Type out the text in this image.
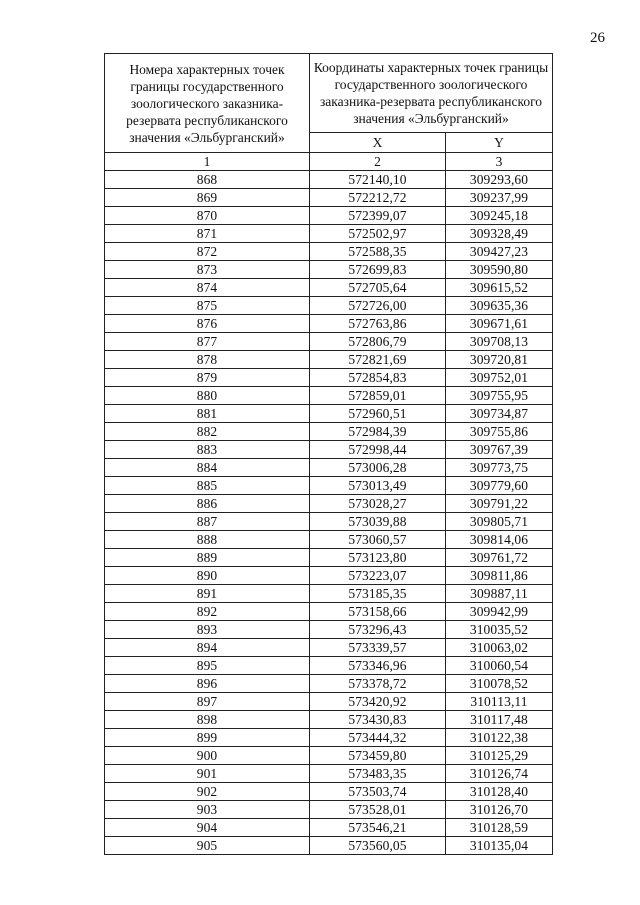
26
Номера характерных точек границы государственного зоологического заказника-резервата республиканского значения «Эльбурганский»	Координаты характерных точек границы государственного зоологического заказника-резервата республиканского значения «Эльбурганский»	
	X	Y
1	2	3
868	572140,10	309293,60
869	572212,72	309237,99
870	572399,07	309245,18
871	572502,97	309328,49
872	572588,35	309427,23
873	572699,83	309590,80
874	572705,64	309615,52
875	572726,00	309635,36
876	572763,86	309671,61
877	572806,79	309708,13
878	572821,69	309720,81
879	572854,83	309752,01
880	572859,01	309755,95
881	572960,51	309734,87
882	572984,39	309755,86
883	572998,44	309767,39
884	573006,28	309773,75
885	573013,49	309779,60
886	573028,27	309791,22
887	573039,88	309805,71
888	573060,57	309814,06
889	573123,80	309761,72
890	573223,07	309811,86
891	573185,35	309887,11
892	573158,66	309942,99
893	573296,43	310035,52
894	573339,57	310063,02
895	573346,96	310060,54
896	573378,72	310078,52
897	573420,92	310113,11
898	573430,83	310117,48
899	573444,32	310122,38
900	573459,80	310125,29
901	573483,35	310126,74
902	573503,74	310128,40
903	573528,01	310126,70
904	573546,21	310128,59
905	573560,05	310135,04
